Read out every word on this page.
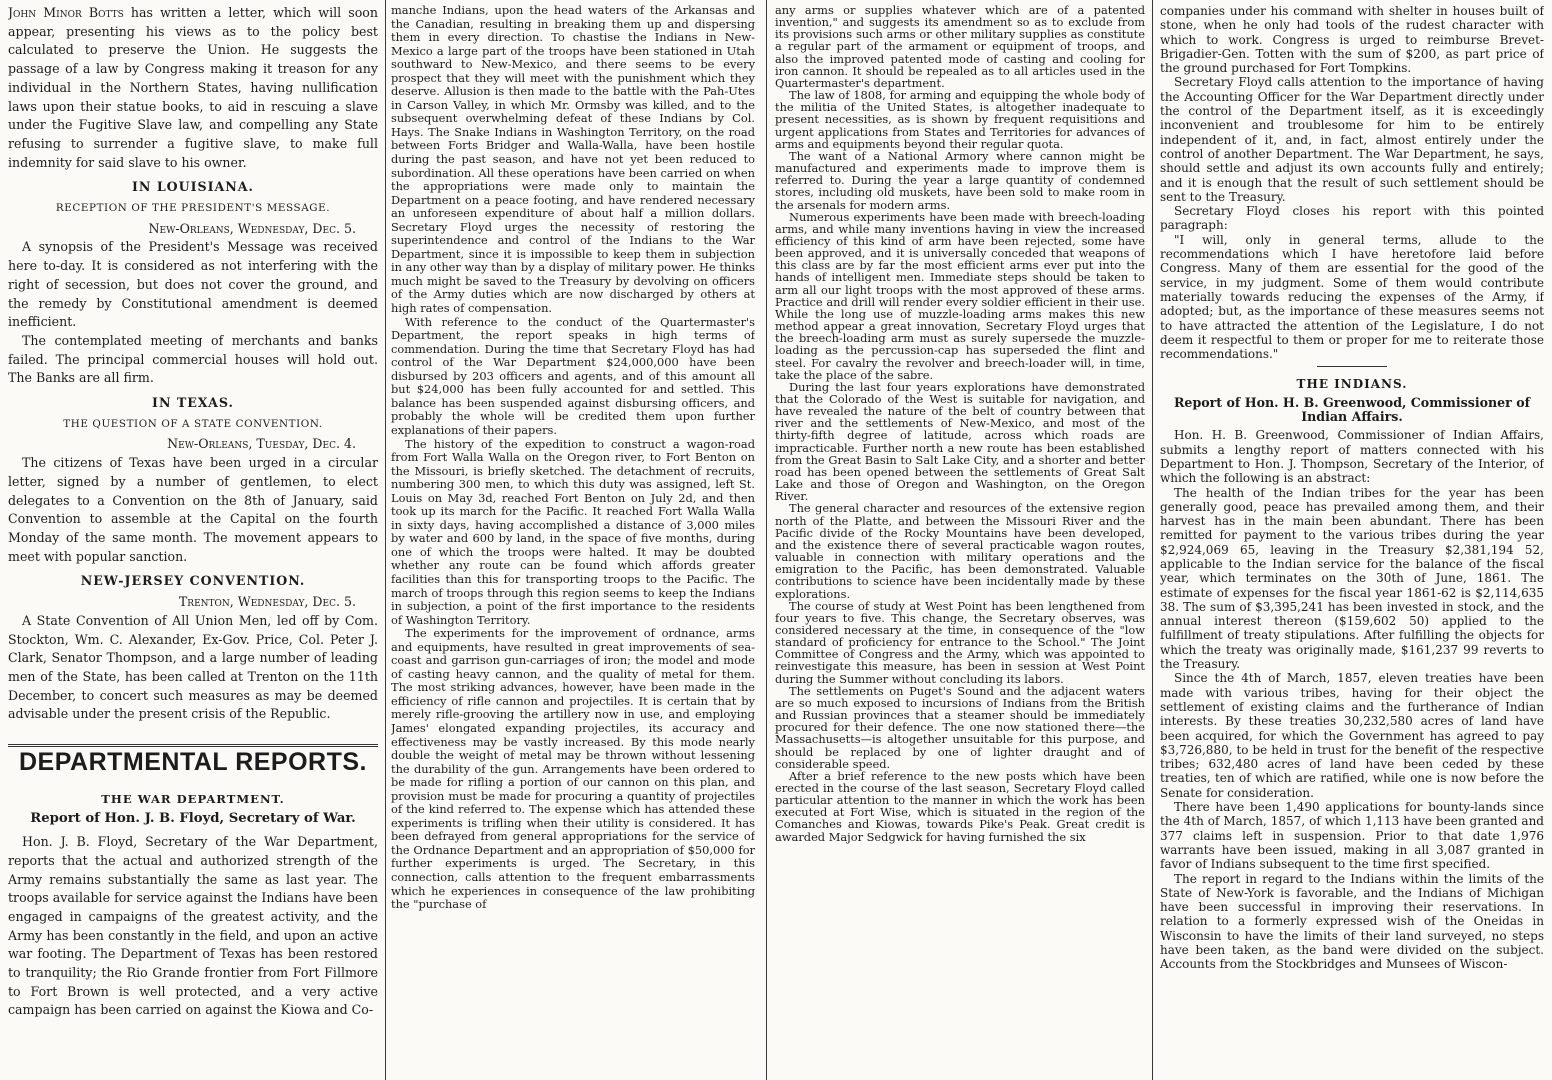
John Minor Botts has written a letter, which will soon appear, presenting his views as to the policy best calculated to preserve the Union. He suggests the passage of a law by Congress making it treason for any individual in the Northern States, having nullification laws upon their statue books, to aid in rescuing a slave under the Fugitive Slave law, and compelling any State refusing to surrender a fugitive slave, to make full indemnity for said slave to his owner.

IN LOUISIANA.
RECEPTION OF THE PRESIDENT'S MESSAGE.
New-Orleans, Wednesday, Dec. 5.

A synopsis of the President's Message was received here to-day. It is considered as not interfering with the right of secession, but does not cover the ground, and the remedy by Constitutional amendment is deemed inefficient.

The contemplated meeting of merchants and banks failed. The principal commercial houses will hold out. The Banks are all firm.

IN TEXAS.
THE QUESTION OF A STATE CONVENTION.
New-Orleans, Tuesday, Dec. 4.

The citizens of Texas have been urged in a circular letter, signed by a number of gentlemen, to elect delegates to a Convention on the 8th of January, said Convention to assemble at the Capital on the fourth Monday of the same month. The movement appears to meet with popular sanction.

NEW-JERSEY CONVENTION.
Trenton, Wednesday, Dec. 5.

A State Convention of All Union Men, led off by Com. Stockton, Wm. C. Alexander, Ex-Gov. Price, Col. Peter J. Clark, Senator Thompson, and a large number of leading men of the State, has been called at Trenton on the 11th December, to concert such measures as may be deemed advisable under the present crisis of the Republic.

DEPARTMENTAL REPORTS.
THE WAR DEPARTMENT.
Report of Hon. J. B. Floyd, Secretary of War.

Hon. J. B. Floyd, Secretary of the War Department, reports that the actual and authorized strength of the Army remains substantially the same as last year. The troops available for service against the Indians have been engaged in campaigns of the greatest activity, and the Army has been constantly in the field, and upon an active war footing. The Department of Texas has been restored to tranquility; the Rio Grande frontier from Fort Fillmore to Fort Brown is well protected, and a very active campaign has been carried on against the Kiowa and Co-

manche Indians, upon the head waters of the Arkansas and the Canadian, resulting in breaking them up and dispersing them in every direction. To chastise the Indians in New-Mexico a large part of the troops have been stationed in Utah southward to New-Mexico, and there seems to be every prospect that they will meet with the punishment which they deserve. Allusion is then made to the battle with the Pah-Utes in Carson Valley, in which Mr. Ormsby was killed, and to the subsequent overwhelming defeat of these Indians by Col. Hays. The Snake Indians in Washington Territory, on the road between Forts Bridger and Walla-Walla, have been hostile during the past season, and have not yet been reduced to subordination. All these operations have been carried on when the appropriations were made only to maintain the Department on a peace footing, and have rendered necessary an unforeseen expenditure of about half a million dollars. Secretary Floyd urges the necessity of restoring the superintendence and control of the Indians to the War Department, since it is impossible to keep them in subjection in any other way than by a display of military power. He thinks much might be saved to the Treasury by devolving on officers of the Army duties which are now discharged by others at high rates of compensation.

With reference to the conduct of the Quartermaster's Department, the report speaks in high terms of commendation. During the time that Secretary Floyd has had control of the War Department $24,000,000 have been disbursed by 203 officers and agents, and of this amount all but $24,000 has been fully accounted for and settled. This balance has been suspended against disbursing officers, and probably the whole will be credited them upon further explanations of their papers.

The history of the expedition to construct a wagon-road from Fort Walla Walla on the Oregon river, to Fort Benton on the Missouri, is briefly sketched. The detachment of recruits, numbering 300 men, to which this duty was assigned, left St. Louis on May 3d, reached Fort Benton on July 2d, and then took up its march for the Pacific. It reached Fort Walla Walla in sixty days, having accomplished a distance of 3,000 miles by water and 600 by land, in the space of five months, during one of which the troops were halted. It may be doubted whether any route can be found which affords greater facilities than this for transporting troops to the Pacific. The march of troops through this region seems to keep the Indians in subjection, a point of the first importance to the residents of Washington Territory.

The experiments for the improvement of ordnance, arms and equipments, have resulted in great improvements of sea-coast and garrison gun-carriages of iron; the model and mode of casting heavy cannon, and the quality of metal for them. The most striking advances, however, have been made in the efficiency of rifle cannon and projectiles. It is certain that by merely rifle-grooving the artillery now in use, and employing James' elongated expanding projectiles, its accuracy and effectiveness may be vastly increased. By this mode nearly double the weight of metal may be thrown without lessening the durability of the gun. Arrangements have been ordered to be made for rifling a portion of our cannon on this plan, and provision must be made for procuring a quantity of projectiles of the kind referred to. The expense which has attended these experiments is trifling when their utility is considered. It has been defrayed from general appropriations for the service of the Ordnance Department and an appropriation of $50,000 for further experiments is urged. The Secretary, in this connection, calls attention to the frequent embarrassments which he experiences in consequence of the law prohibiting the "purchase of

any arms or supplies whatever which are of a patented invention," and suggests its amendment so as to exclude from its provisions such arms or other military supplies as constitute a regular part of the armament or equipment of troops, and also the improved patented mode of casting and cooling for iron cannon. It should be repealed as to all articles used in the Quartermaster's department.

The law of 1808, for arming and equipping the whole body of the militia of the United States, is altogether inadequate to present necessities, as is shown by frequent requisitions and urgent applications from States and Territories for advances of arms and equipments beyond their regular quota.

The want of a National Armory where cannon might be manufactured and experiments made to improve them is referred to. During the year a large quantity of condemned stores, including old muskets, have been sold to make room in the arsenals for modern arms.

Numerous experiments have been made with breech-loading arms, and while many inventions having in view the increased efficiency of this kind of arm have been rejected, some have been approved, and it is universally conceded that weapons of this class are by far the most efficient arms ever put into the hands of intelligent men. Immediate steps should be taken to arm all our light troops with the most approved of these arms. Practice and drill will render every soldier efficient in their use. While the long use of muzzle-loading arms makes this new method appear a great innovation, Secretary Floyd urges that the breech-loading arm must as surely supersede the muzzle-loading as the percussion-cap has superseded the flint and steel. For cavalry the revolver and breech-loader will, in time, take the place of the sabre.

During the last four years explorations have demonstrated that the Colorado of the West is suitable for navigation, and have revealed the nature of the belt of country between that river and the settlements of New-Mexico, and most of the thirty-fifth degree of latitude, across which roads are impracticable. Further north a new route has been established from the Great Basin to Salt Lake City, and a shorter and better road has been opened between the settlements of Great Salt Lake and those of Oregon and Washington, on the Oregon River.

The general character and resources of the extensive region north of the Platte, and between the Missouri River and the Pacific divide of the Rocky Mountains have been developed, and the existence there of several practicable wagon routes, valuable in connection with military operations and the emigration to the Pacific, has been demonstrated. Valuable contributions to science have been incidentally made by these explorations.

The course of study at West Point has been lengthened from four years to five. This change, the Secretary observes, was considered necessary at the time, in consequence of the "low standard of proficiency for entrance to the School." The Joint Committee of Congress and the Army, which was appointed to reinvestigate this measure, has been in session at West Point during the Summer without concluding its labors.

The settlements on Puget's Sound and the adjacent waters are so much exposed to incursions of Indians from the British and Russian provinces that a steamer should be immediately procured for their defence. The one now stationed there—the Massachusetts—is altogether unsuitable for this purpose, and should be replaced by one of lighter draught and of considerable speed.

After a brief reference to the new posts which have been erected in the course of the last season, Secretary Floyd called particular attention to the manner in which the work has been executed at Fort Wise, which is situated in the region of the Comanches and Kiowas, towards Pike's Peak. Great credit is awarded Major Sedgwick for having furnished the six

companies under his command with shelter in houses built of stone, when he only had tools of the rudest character with which to work. Congress is urged to reimburse Brevet-Brigadier-Gen. Totten with the sum of $200, as part price of the ground purchased for Fort Tompkins.

Secretary Floyd calls attention to the importance of having the Accounting Officer for the War Department directly under the control of the Department itself, as it is exceedingly inconvenient and troublesome for him to be entirely independent of it, and, in fact, almost entirely under the control of another Department. The War Department, he says, should settle and adjust its own accounts fully and entirely; and it is enough that the result of such settlement should be sent to the Treasury.

Secretary Floyd closes his report with this pointed paragraph:

"I will, only in general terms, allude to the recommendations which I have heretofore laid before Congress. Many of them are essential for the good of the service, in my judgment. Some of them would contribute materially towards reducing the expenses of the Army, if adopted; but, as the importance of these measures seems not to have attracted the attention of the Legislature, I do not deem it respectful to them or proper for me to reiterate those recommendations."

THE INDIANS.
Report of Hon. H. B. Greenwood, Commissioner of Indian Affairs.

Hon. H. B. Greenwood, Commissioner of Indian Affairs, submits a lengthy report of matters connected with his Department to Hon. J. Thompson, Secretary of the Interior, of which the following is an abstract:

The health of the Indian tribes for the year has been generally good, peace has prevailed among them, and their harvest has in the main been abundant. There has been remitted for payment to the various tribes during the year $2,924,069 65, leaving in the Treasury $2,381,194 52, applicable to the Indian service for the balance of the fiscal year, which terminates on the 30th of June, 1861. The estimate of expenses for the fiscal year 1861-62 is $2,114,635 38. The sum of $3,395,241 has been invested in stock, and the annual interest thereon ($159,602 50) applied to the fulfillment of treaty stipulations. After fulfilling the objects for which the treaty was originally made, $161,237 99 reverts to the Treasury.

Since the 4th of March, 1857, eleven treaties have been made with various tribes, having for their object the settlement of existing claims and the furtherance of Indian interests. By these treaties 30,232,580 acres of land have been acquired, for which the Government has agreed to pay $3,726,880, to be held in trust for the benefit of the respective tribes; 632,480 acres of land have been ceded by these treaties, ten of which are ratified, while one is now before the Senate for consideration.

There have been 1,490 applications for bounty-lands since the 4th of March, 1857, of which 1,113 have been granted and 377 claims left in suspension. Prior to that date 1,976 warrants have been issued, making in all 3,087 granted in favor of Indians subsequent to the time first specified.

The report in regard to the Indians within the limits of the State of New-York is favorable, and the Indians of Michigan have been successful in improving their reservations. In relation to a formerly expressed wish of the Oneidas in Wisconsin to have the limits of their land surveyed, no steps have been taken, as the band were divided on the subject. Accounts from the Stockbridges and Munsees of Wiscon-
